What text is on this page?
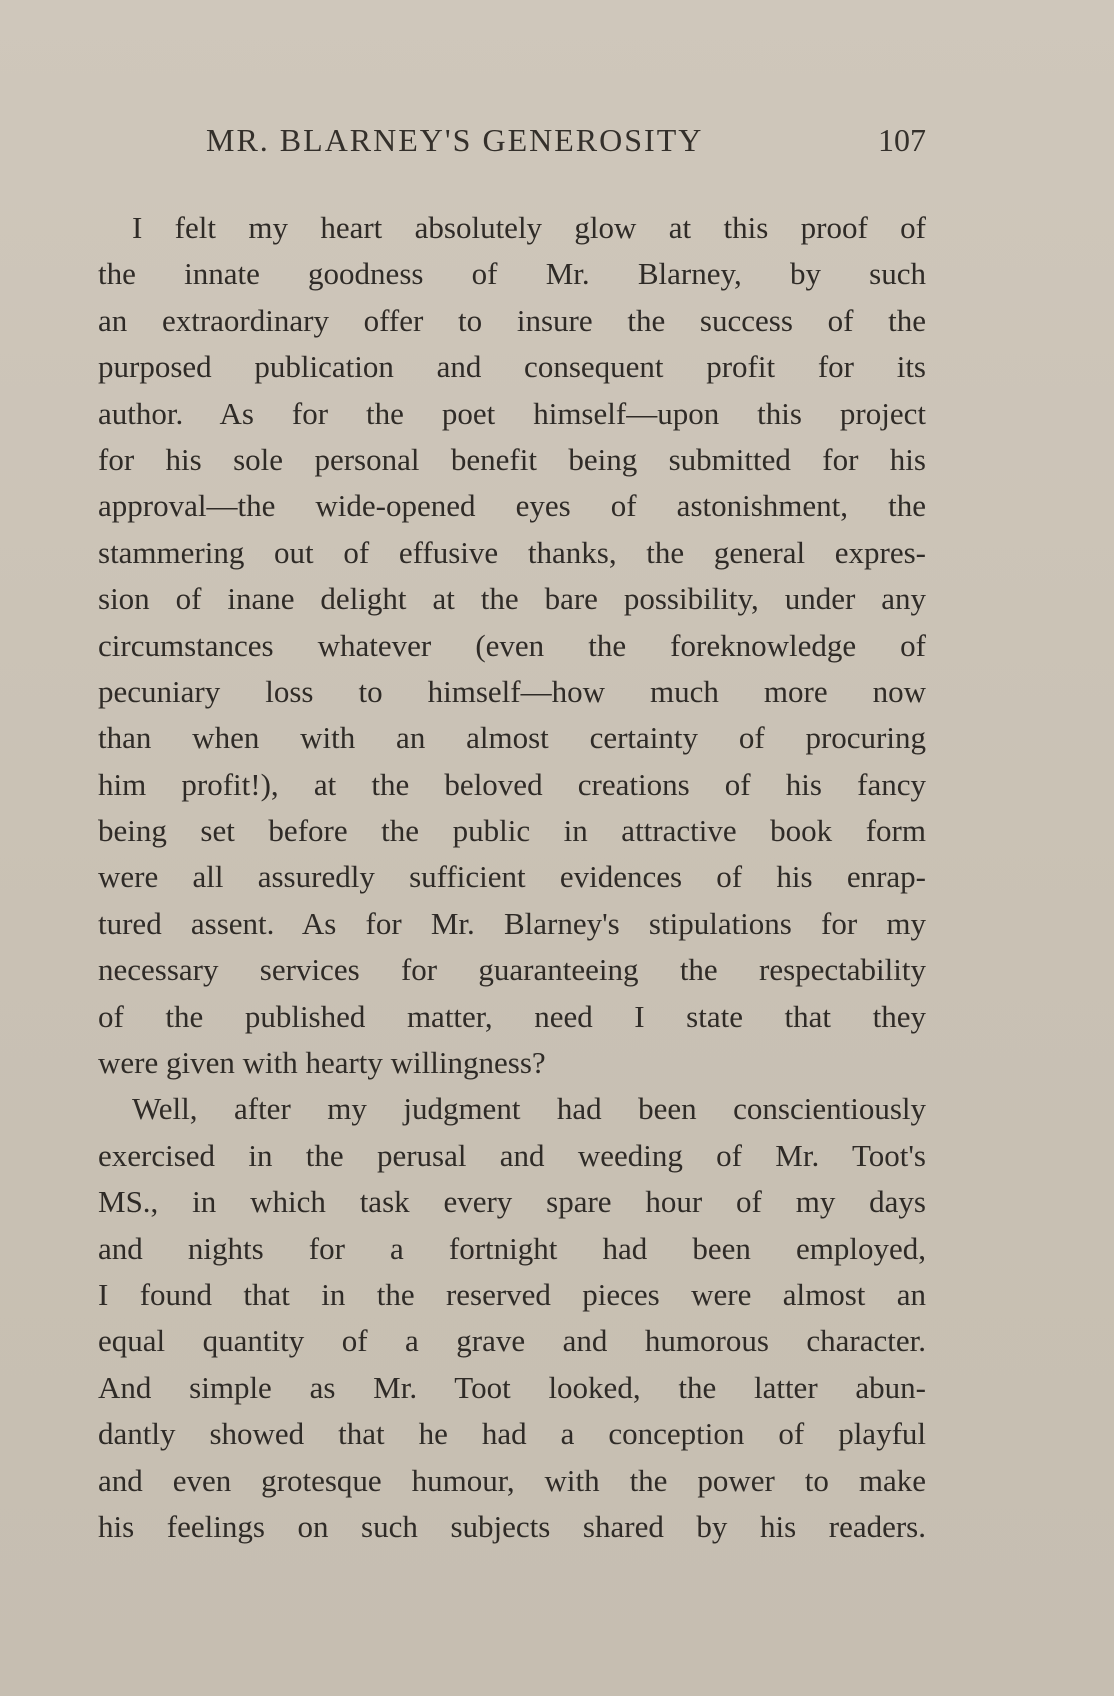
MR. BLARNEY'S GENEROSITY	107
I felt my heart absolutely glow at this proof of
the innate goodness of Mr. Blarney, by such
an extraordinary offer to insure the success of the
purposed publication and consequent profit for its
author. As for the poet himself—upon this project
for his sole personal benefit being submitted for his
approval—the wide-opened eyes of astonishment, the
stammering out of effusive thanks, the general expres-
sion of inane delight at the bare possibility, under any
circumstances whatever (even the foreknowledge of
pecuniary loss to himself—how much more now
than when with an almost certainty of procuring
him profit!), at the beloved creations of his fancy
being set before the public in attractive book form
were all assuredly sufficient evidences of his enrap-
tured assent. As for Mr. Blarney's stipulations for my
necessary services for guaranteeing the respectability
of the published matter, need I state that they
were given with hearty willingness?
Well, after my judgment had been conscientiously
exercised in the perusal and weeding of Mr. Toot's
MS., in which task every spare hour of my days
and nights for a fortnight had been employed,
I found that in the reserved pieces were almost an
equal quantity of a grave and humorous character.
And simple as Mr. Toot looked, the latter abun-
dantly showed that he had a conception of playful
and even grotesque humour, with the power to make
his feelings on such subjects shared by his readers.
